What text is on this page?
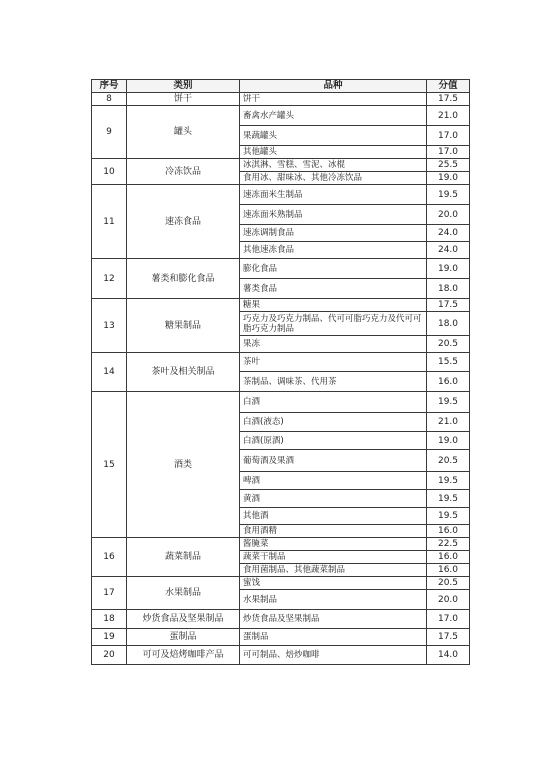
序号	类别	品种	分值
8	饼干	饼干	17.5
9	罐头	畜禽水产罐头	21.0
		果蔬罐头	17.0
		其他罐头	17.0
10	冷冻饮品	冰淇淋、雪糕、雪泥、冰棍	25.5
		食用冰、甜味冰、其他冷冻饮品	19.0
11	速冻食品	速冻面米生制品	19.5
		速冻面米熟制品	20.0
		速冻调制食品	24.0
		其他速冻食品	24.0
12	薯类和膨化食品	膨化食品	19.0
		薯类食品	18.0
13	糖果制品	糖果	17.5
		巧克力及巧克力制品、代可可脂巧克力及代可可脂巧克力制品	18.0
		果冻	20.5
14	茶叶及相关制品	茶叶	15.5
		茶制品、调味茶、代用茶	16.0
15	酒类	白酒	19.5
		白酒(液态)	21.0
		白酒(原酒)	19.0
		葡萄酒及果酒	20.5
		啤酒	19.5
		黄酒	19.5
		其他酒	19.5
		食用酒精	16.0
16	蔬菜制品	酱腌菜	22.5
		蔬菜干制品	16.0
		食用菌制品、其他蔬菜制品	16.0
17	水果制品	蜜饯	20.5
		水果制品	20.0
18	炒货食品及坚果制品	炒货食品及坚果制品	17.0
19	蛋制品	蛋制品	17.5
20	可可及焙烤咖啡产品	可可制品、焙炒咖啡	14.0
